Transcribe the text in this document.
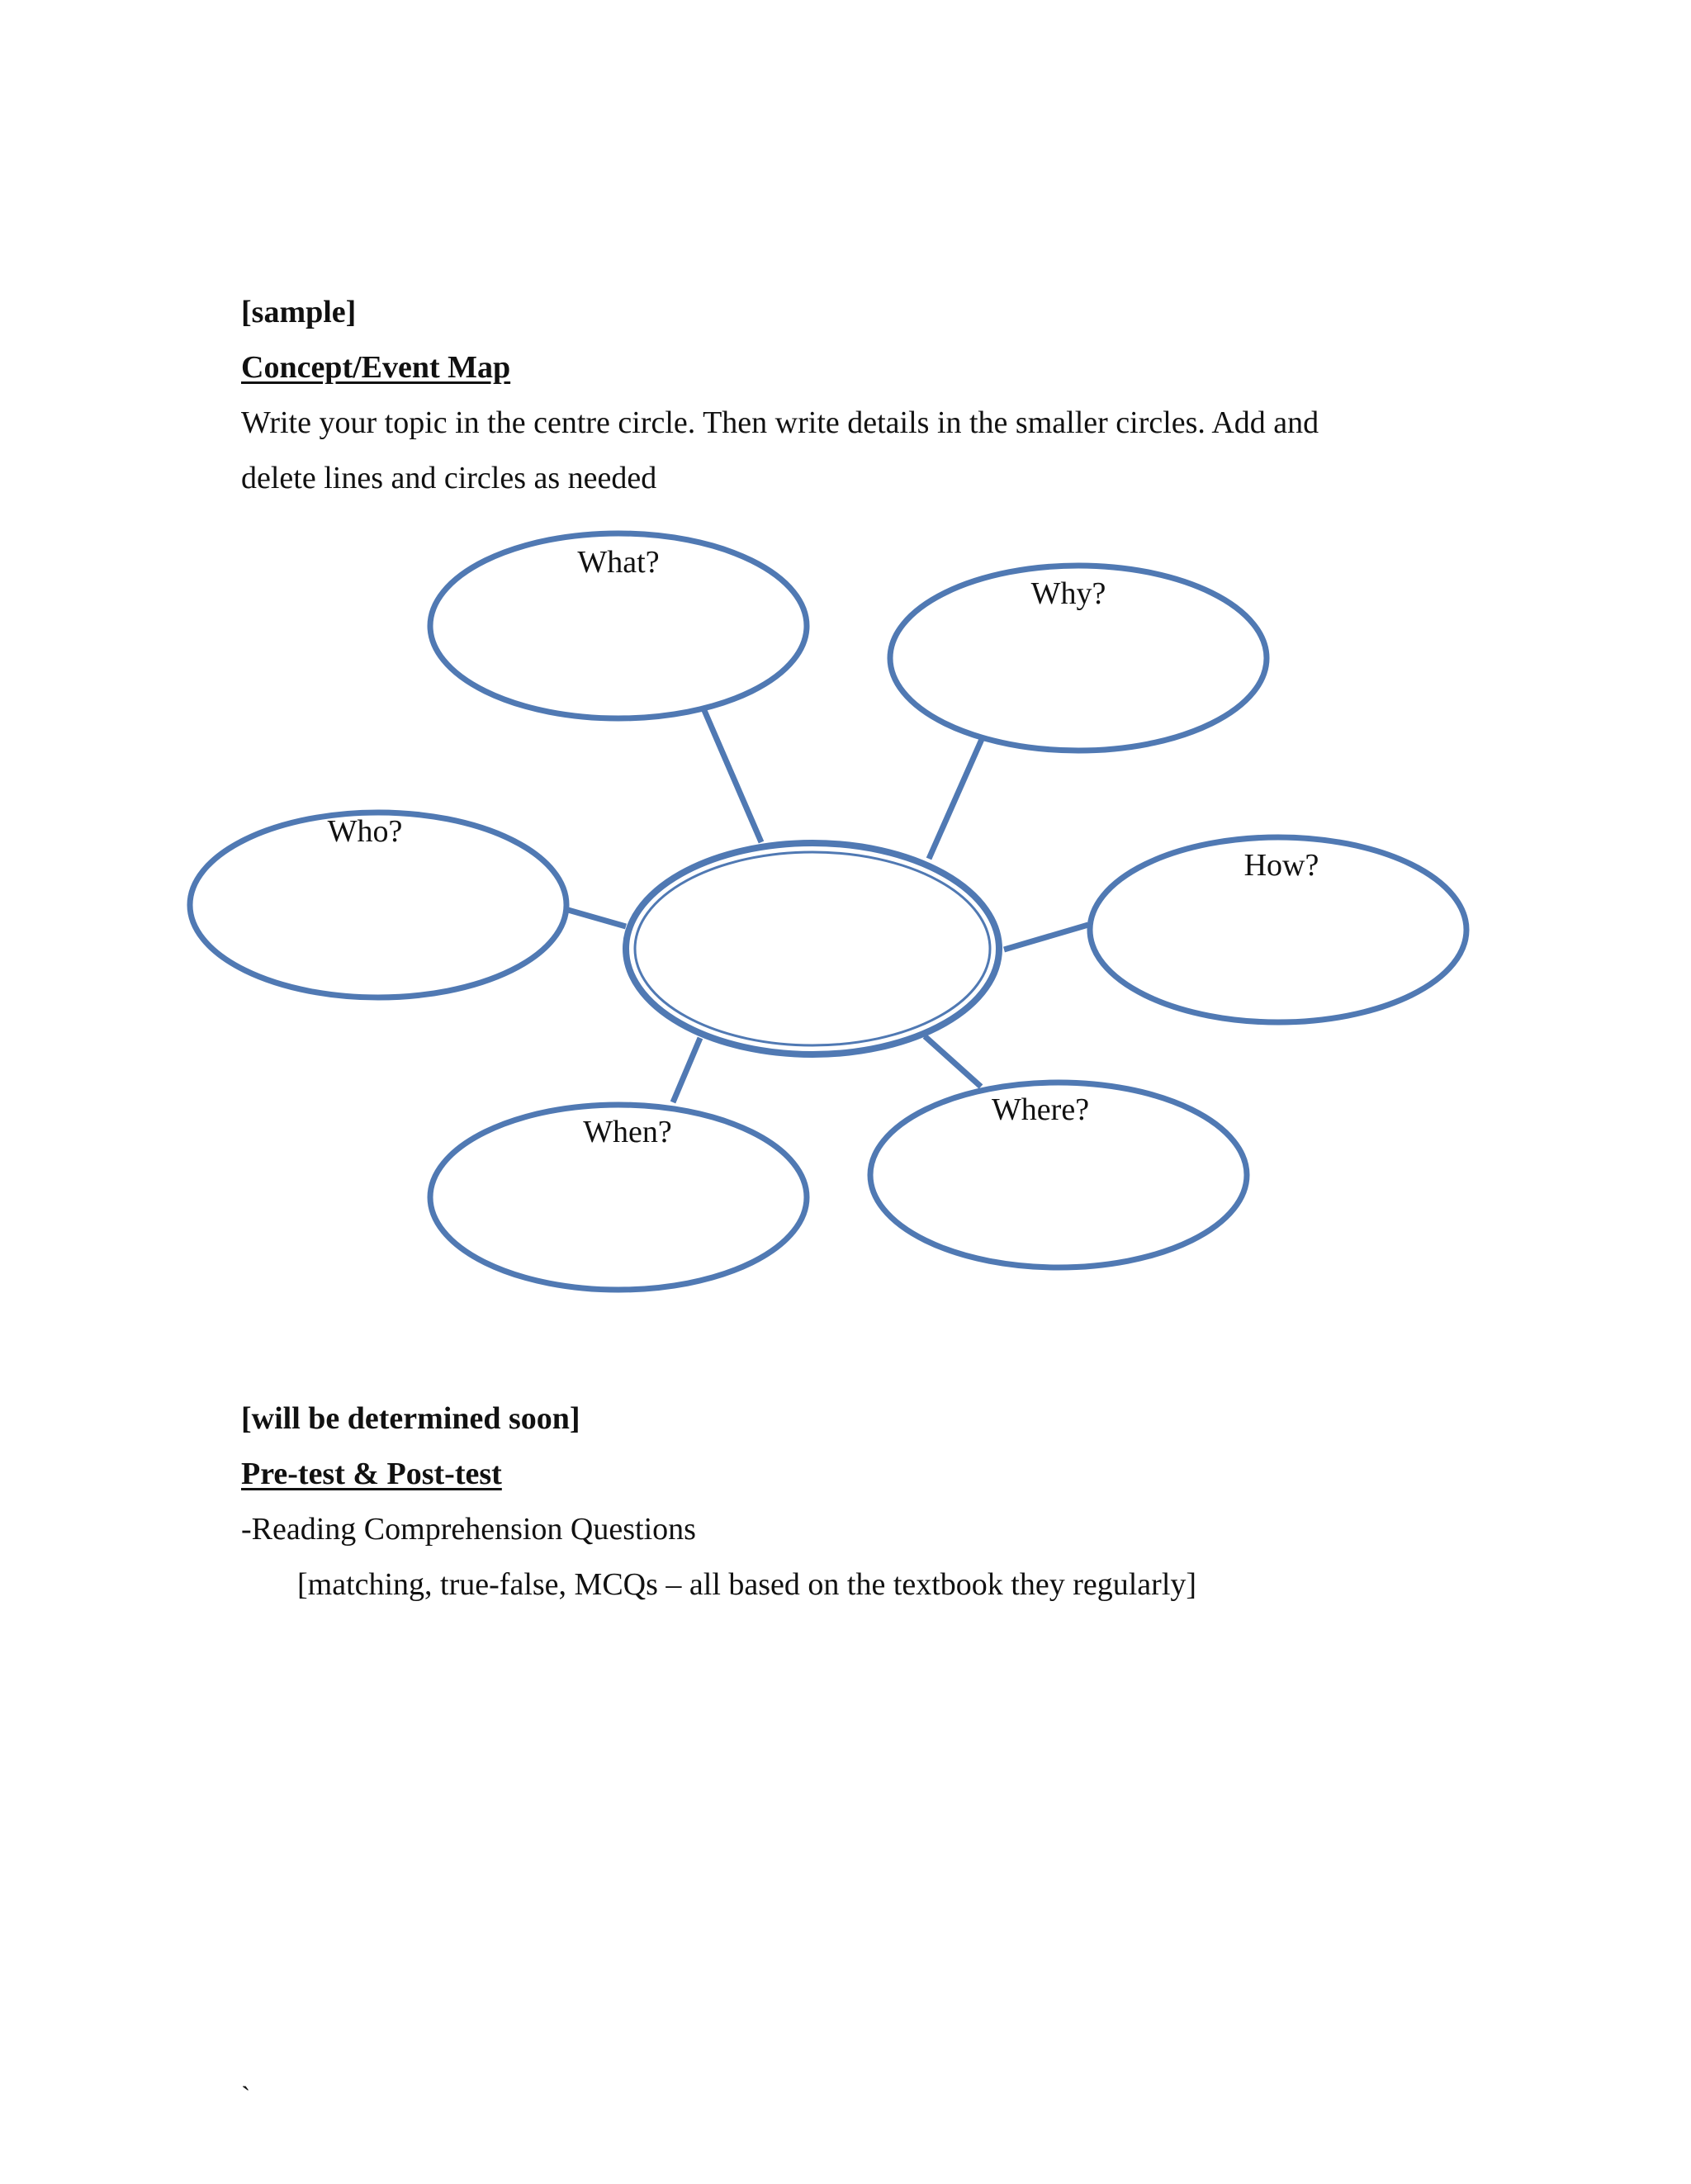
[sample]
Concept/Event Map
Write your topic in the centre circle. Then write details in the smaller circles. Add and
delete lines and circles as needed
What?
Why?
Who?
How?
When?
Where?
[will be determined soon]
Pre-test & Post-test
-Reading Comprehension Questions
[matching, true-false, MCQs – all based on the textbook they regularly]
`
